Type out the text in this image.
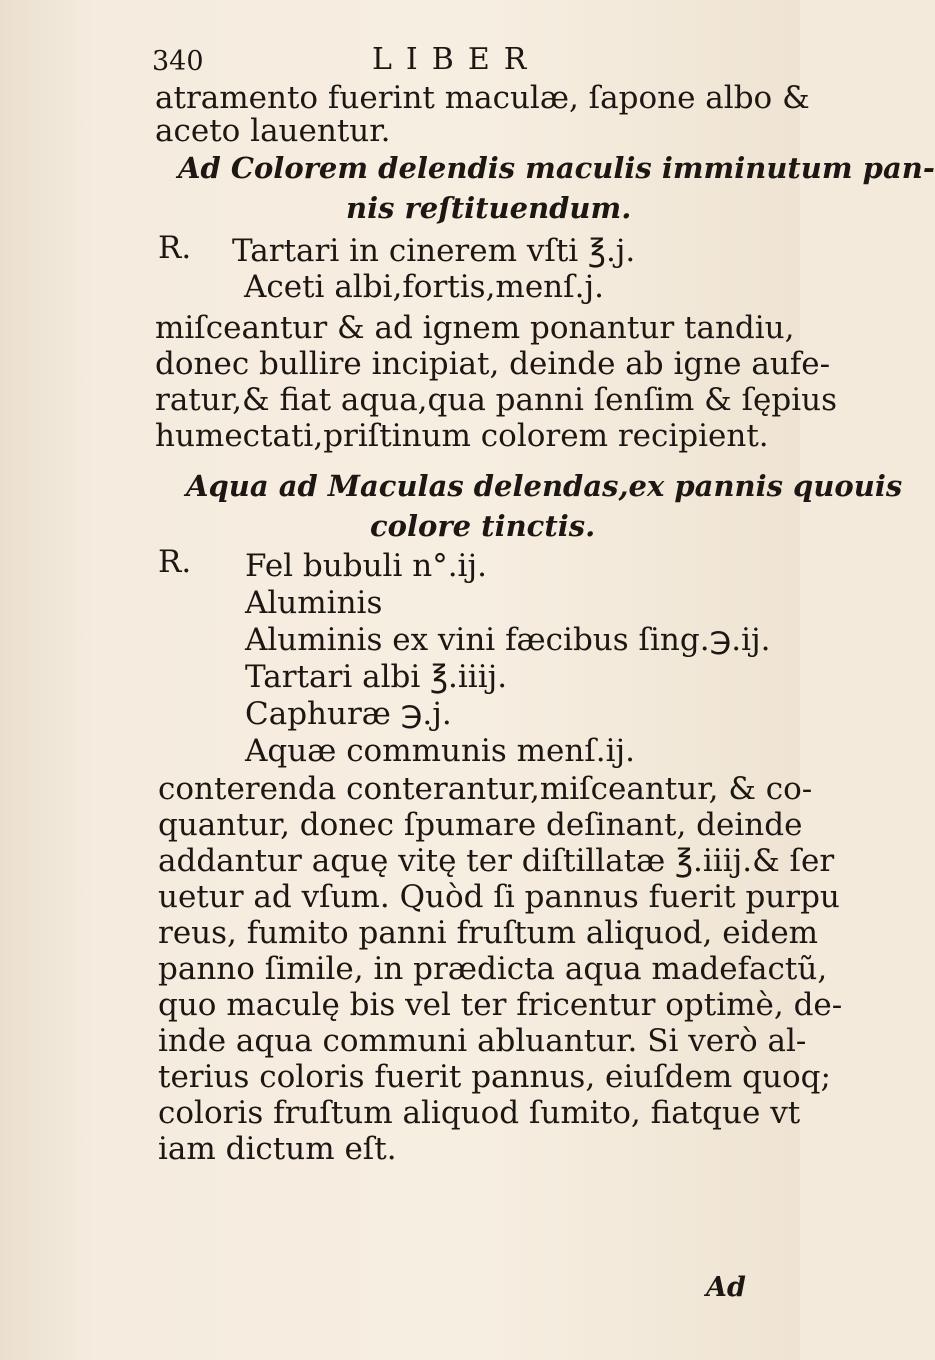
340	LIBER
atramento fuerint maculæ, ſapone albo &
aceto lauentur.
Ad Colorem delendis maculis imminutum pan-
nis reſtituendum.
R. Tartari in cinerem vſti ℥.j.
Aceti albi,fortis,menſ.j.
miſceantur & ad ignem ponantur tandiu,
donec bullire incipiat, deinde ab igne aufe-
ratur,& fiat aqua,qua panni ſenſim & ſępius
humectati,priſtinum colorem recipient.
Aqua ad Maculas delendas,ex pannis quouis
colore tinctis.
R. Fel bubuli n°.ij.
Aluminis
Aluminis ex vini fæcibus ſing.℈.ij.
Tartari albi ℥.iiij.
Caphuræ ℈.j.
Aquæ communis menſ.ij.
conterenda conterantur,miſceantur, & co-
quantur, donec ſpumare deſinant, deinde
addantur aquę vitę ter diſtillatæ ℥.iiij.& ſer
uetur ad vſum. Quòd ſi pannus fuerit purpu
reus, fumito panni fruſtum aliquod, eidem
panno ſimile, in prædicta aqua madefactũ,
quo maculę bis vel ter fricentur optimè, de-
inde aqua communi abluantur. Si verò al-
terius coloris fuerit pannus, eiuſdem quoq;
coloris fruſtum aliquod ſumito, fiatque vt
iam dictum eſt.
Ad
